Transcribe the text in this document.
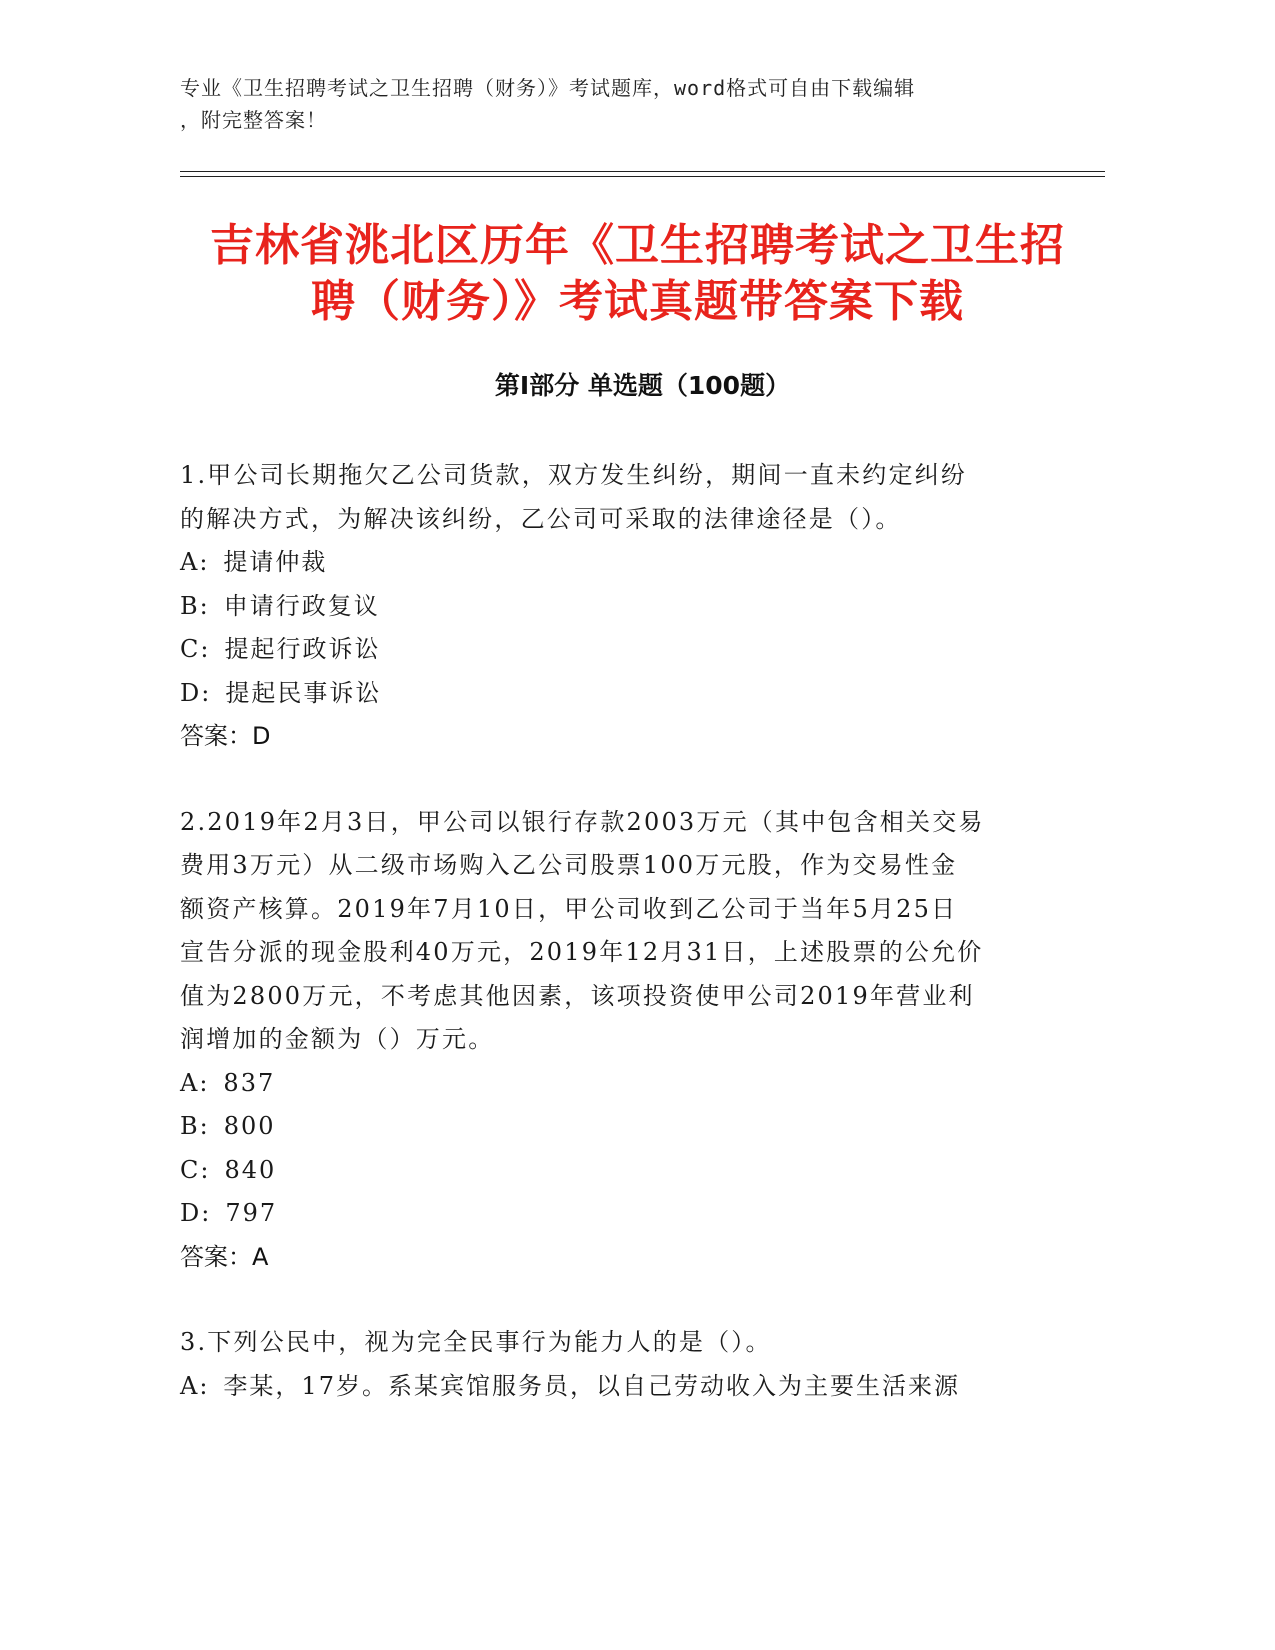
专业《卫生招聘考试之卫生招聘（财务）》考试题库，word格式可自由下载编辑
，附完整答案！
吉林省洮北区历年《卫生招聘考试之卫生招
聘（财务）》考试真题带答案下载
第Ⅰ部分 单选题（100题）

1.甲公司长期拖欠乙公司货款，双方发生纠纷，期间一直未约定纠纷

的解决方式，为解决该纠纷，乙公司可采取的法律途径是（）。

A: 提请仲裁

B: 申请行政复议

C: 提起行政诉讼

D: 提起民事诉讼

答案：D

2.2019年2月3日，甲公司以银行存款2003万元（其中包含相关交易

费用3万元）从二级市场购入乙公司股票100万元股，作为交易性金

额资产核算。2019年7月10日，甲公司收到乙公司于当年5月25日

宣告分派的现金股利40万元，2019年12月31日，上述股票的公允价

值为2800万元，不考虑其他因素，该项投资使甲公司2019年营业利

润增加的金额为（）万元。

A: 837

B: 800

C: 840

D: 797

答案：A

3.下列公民中，视为完全民事行为能力人的是（）。

A: 李某，17岁。系某宾馆服务员，以自己劳动收入为主要生活来源
